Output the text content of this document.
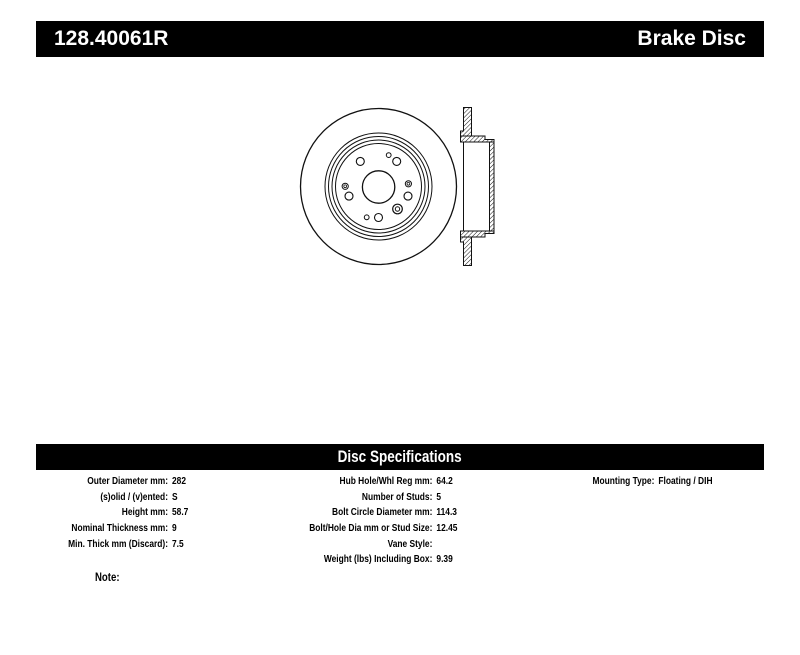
128.40061R	Brake Disc
Disc Specifications
Outer Diameter mm: 282
(s)olid / (v)ented: S
Height mm: 58.7
Nominal Thickness mm: 9
Min. Thick mm (Discard): 7.5
Hub Hole/Whl Reg mm: 64.2
Number of Studs: 5
Bolt Circle Diameter mm: 114.3
Bolt/Hole Dia mm or Stud Size: 12.45
Vane Style:
Weight (lbs) Including Box: 9.39
Mounting Type: Floating / DIH
Note:
